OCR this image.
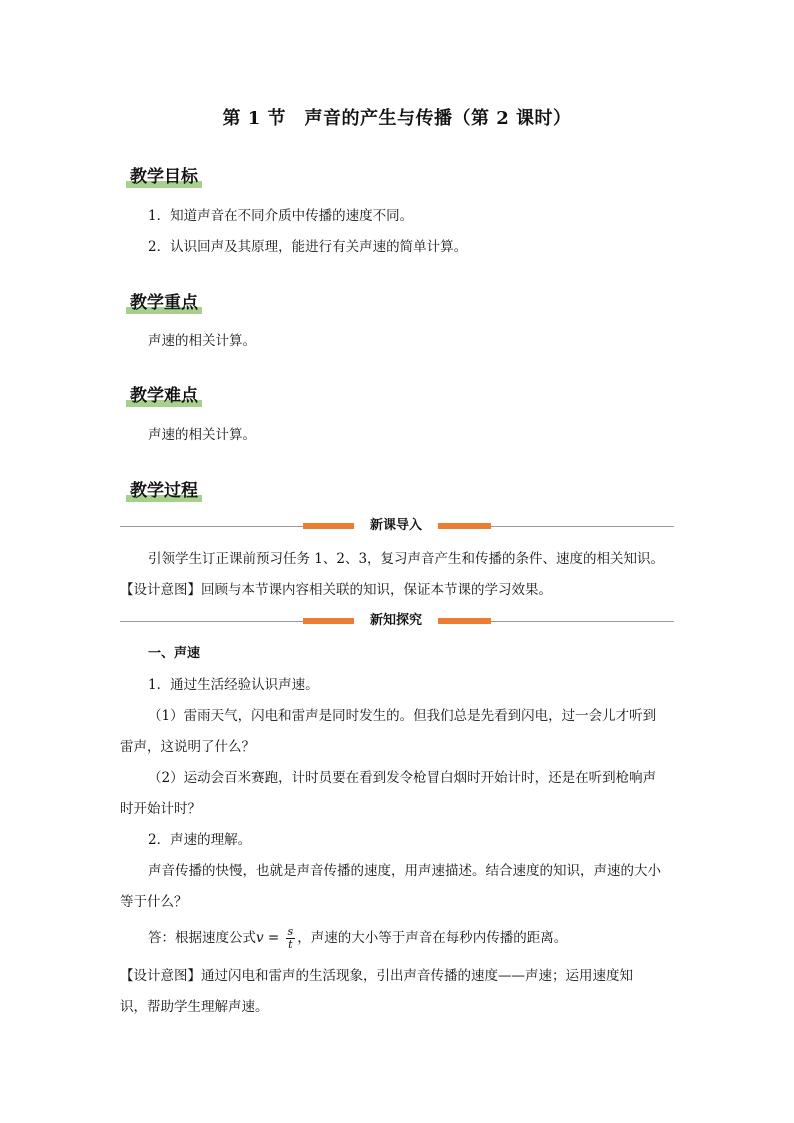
第 1 节　声音的产生与传播（第 2 课时）
教学目标
1．知道声音在不同介质中传播的速度不同。
2．认识回声及其原理，能进行有关声速的简单计算。
教学重点
声速的相关计算。
教学难点
声速的相关计算。
教学过程
新课导入
引领学生订正课前预习任务 1、2、3，复习声音产生和传播的条件、速度的相关知识。
【设计意图】回顾与本节课内容相关联的知识，保证本节课的学习效果。
新知探究
一、声速
1．通过生活经验认识声速。
（1）雷雨天气，闪电和雷声是同时发生的。但我们总是先看到闪电，过一会儿才听到
雷声，这说明了什么？
（2）运动会百米赛跑，计时员要在看到发令枪冒白烟时开始计时，还是在听到枪响声
时开始计时？
2．声速的理解。
声音传播的快慢，也就是声音传播的速度，用声速描述。结合速度的知识，声速的大小
等于什么？
答：根据速度公式$v = \frac{s}{t}$ ，声速的大小等于声音在每秒内传播的距离。
【设计意图】通过闪电和雷声的生活现象，引出声音传播的速度——声速；运用速度知
识，帮助学生理解声速。
